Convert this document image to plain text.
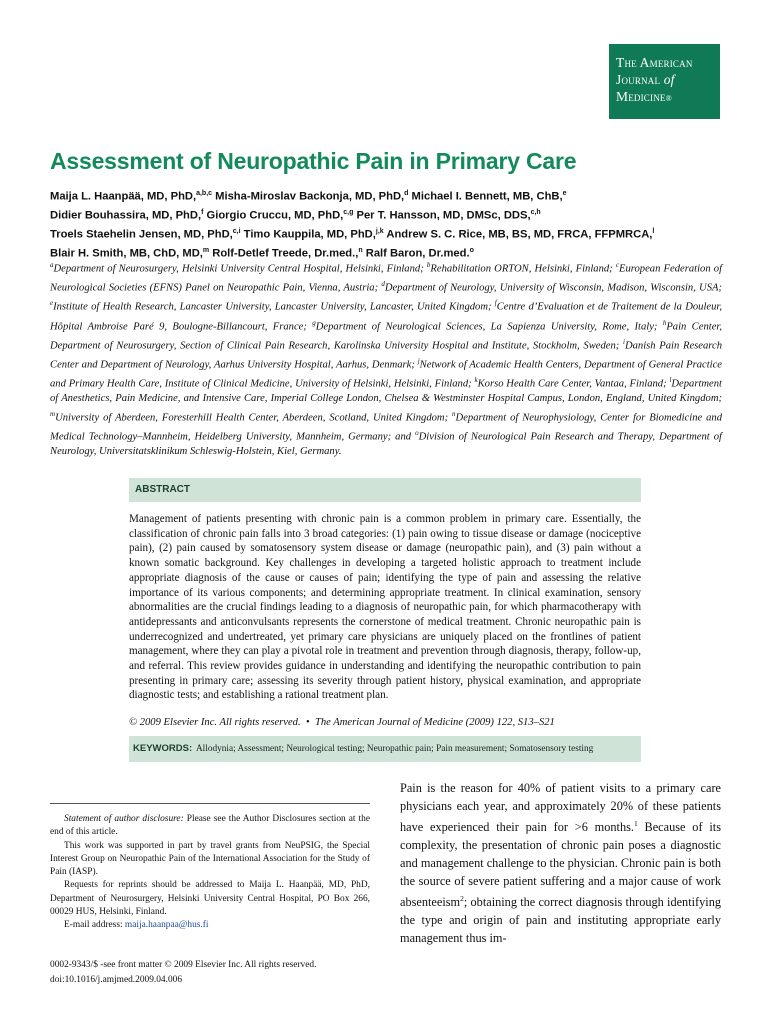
The American
Journal of
Medicine®
Assessment of Neuropathic Pain in Primary Care
Maija L. Haanpää, MD, PhD,$^{a,b,c}$ Misha-Miroslav Backonja, MD, PhD,$^d$ Michael I. Bennett, MB, ChB,$^e$
Didier Bouhassira, MD, PhD,$^f$ Giorgio Cruccu, MD, PhD,$^{c,g}$ Per T. Hansson, MD, DMSc, DDS,$^{c,h}$
Troels Staehelin Jensen, MD, PhD,$^{c,i}$ Timo Kauppila, MD, PhD,$^{j,k}$ Andrew S. C. Rice, MB, BS, MD, FRCA, FFPMRCA,$^l$
Blair H. Smith, MB, ChD, MD,$^m$ Rolf-Detlef Treede, Dr.med.,$^n$ Ralf Baron, Dr.med.$^o$
$^a$Department of Neurosurgery, Helsinki University Central Hospital, Helsinki, Finland; $^b$Rehabilitation ORTON, Helsinki, Finland; $^c$European Federation of Neurological Societies (EFNS) Panel on Neuropathic Pain, Vienna, Austria; $^d$Department of Neurology, University of Wisconsin, Madison, Wisconsin, USA; $^e$Institute of Health Research, Lancaster University, Lancaster University, Lancaster, United Kingdom; $^f$Centre d’Evaluation et de Traitement de la Douleur, Hôpital Ambroise Paré 9, Boulogne-Billancourt, France; $^g$Department of Neurological Sciences, La Sapienza University, Rome, Italy; $^h$Pain Center, Department of Neurosurgery, Section of Clinical Pain Research, Karolinska University Hospital and Institute, Stockholm, Sweden; $^i$Danish Pain Research Center and Department of Neurology, Aarhus University Hospital, Aarhus, Denmark; $^j$Network of Academic Health Centers, Department of General Practice and Primary Health Care, Institute of Clinical Medicine, University of Helsinki, Helsinki, Finland; $^k$Korso Health Care Center, Vantaa, Finland; $^l$Department of Anesthetics, Pain Medicine, and Intensive Care, Imperial College London, Chelsea & Westminster Hospital Campus, London, England, United Kingdom; $^m$University of Aberdeen, Foresterhill Health Center, Aberdeen, Scotland, United Kingdom; $^n$Department of Neurophysiology, Center for Biomedicine and Medical Technology–Mannheim, Heidelberg University, Mannheim, Germany; and $^o$Division of Neurological Pain Research and Therapy, Department of Neurology, Universitatsklinikum Schleswig-Holstein, Kiel, Germany.
ABSTRACT
Management of patients presenting with chronic pain is a common problem in primary care. Essentially, the classification of chronic pain falls into 3 broad categories: (1) pain owing to tissue disease or damage (nociceptive pain), (2) pain caused by somatosensory system disease or damage (neuropathic pain), and (3) pain without a known somatic background. Key challenges in developing a targeted holistic approach to treatment include appropriate diagnosis of the cause or causes of pain; identifying the type of pain and assessing the relative importance of its various components; and determining appropriate treatment. In clinical examination, sensory abnormalities are the crucial findings leading to a diagnosis of neuropathic pain, for which pharmacotherapy with antidepressants and anticonvulsants represents the cornerstone of medical treatment. Chronic neuropathic pain is underrecognized and undertreated, yet primary care physicians are uniquely placed on the frontlines of patient management, where they can play a pivotal role in treatment and prevention through diagnosis, therapy, follow-up, and referral. This review provides guidance in understanding and identifying the neuropathic contribution to pain presenting in primary care; assessing its severity through patient history, physical examination, and appropriate diagnostic tests; and establishing a rational treatment plan.
© 2009 Elsevier Inc. All rights reserved. • The American Journal of Medicine (2009) 122, S13–S21
KEYWORDS: Allodynia; Assessment; Neurological testing; Neuropathic pain; Pain measurement; Somatosensory testing

Statement of author disclosure: Please see the Author Disclosures section at the end of this article.

This work was supported in part by travel grants from NeuPSIG, the Special Interest Group on Neuropathic Pain of the International Association for the Study of Pain (IASP).

Requests for reprints should be addressed to Maija L. Haanpää, MD, PhD, Department of Neurosurgery, Helsinki University Central Hospital, PO Box 266, 00029 HUS, Helsinki, Finland.

E-mail address: maija.haanpaa@hus.fi

0002-9343/$ -see front matter © 2009 Elsevier Inc. All rights reserved.
doi:10.1016/j.amjmed.2009.04.006
Pain is the reason for 40% of patient visits to a primary care physicians each year, and approximately 20% of these patients have experienced their pain for >6 months.$^1$ Because of its complexity, the presentation of chronic pain poses a diagnostic and management challenge to the physician. Chronic pain is both the source of severe patient suffering and a major cause of work absenteeism$^2$; obtaining the correct diagnosis through identifying the type and origin of pain and instituting appropriate early management thus im-
